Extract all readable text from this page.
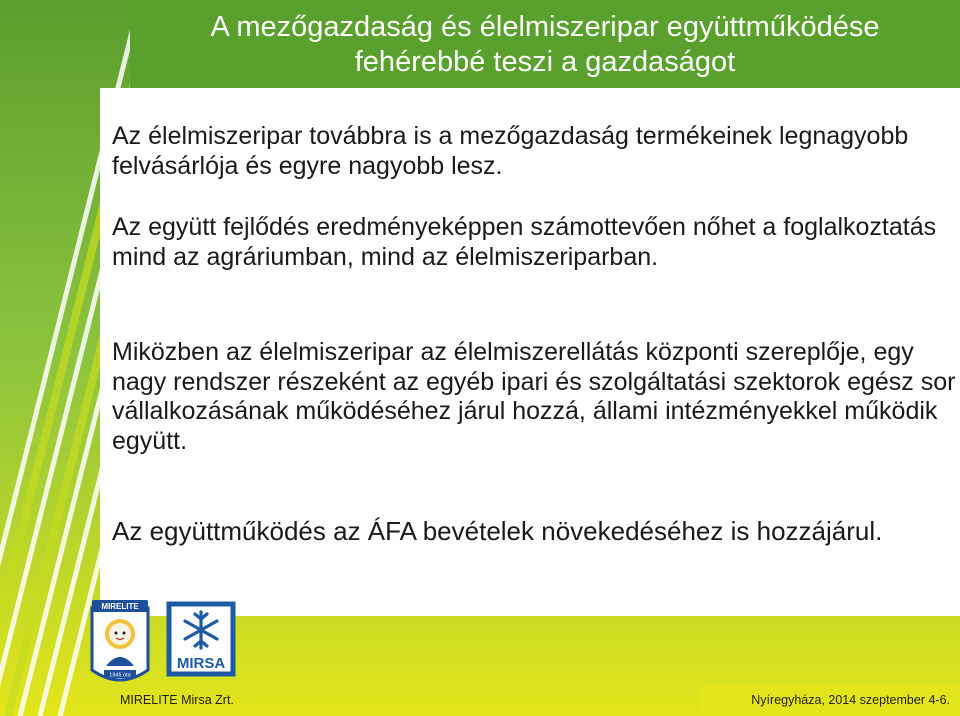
A mezőgazdaság és élelmiszeripar együttműködése
fehérebbé teszi a gazdaságot
Az élelmiszeripar továbbra is a mezőgazdaság termékeinek legnagyobb felvásárlója és egyre nagyobb lesz.
Az együtt fejlődés eredményeképpen számottevően nőhet a foglalkoztatás mind az agráriumban, mind az élelmiszeriparban.
Miközben az élelmiszeripar az élelmiszerellátás központi szereplője, egy nagy rendszer részeként az egyéb ipari és szolgáltatási szektorok egész sor vállalkozásának működéséhez járul hozzá, állami intézményekkel működik együtt.
Az együttműködés az ÁFA bevételek növekedéséhez is hozzájárul.
MIRELITE
1945 óta
MIRSA
MIRELITE Mirsa Zrt.	Nyíregyháza, 2014 szeptember 4-6.
